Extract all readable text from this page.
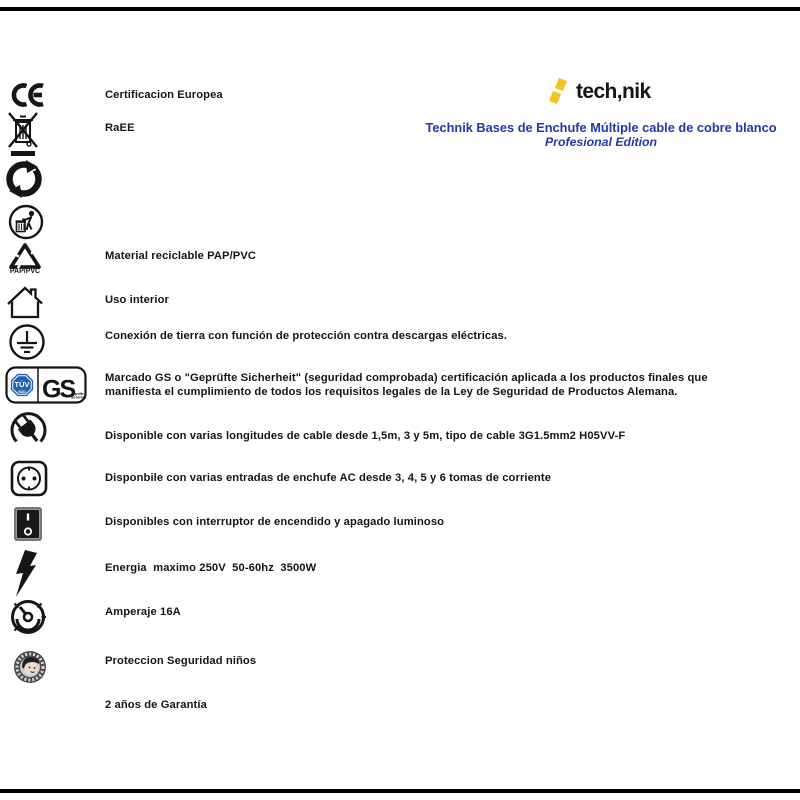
tech,nik
Technik Bases de Enchufe Múltiple cable de cobre blanco
Profesional Edition
PAP/PVC
TÜV
SÜD GS
geprüfte
Sicherheit
Certificacion Europea
RaEE
Material reciclable PAP/PVC
Uso interior
Conexión de tierra con función de protección contra descargas eléctricas.
Marcado GS o "Geprüfte Sicherheit" (seguridad comprobada) certificación aplicada a los productos finales que
manifiesta el cumplimiento de todos los requisitos legales de la Ley de Seguridad de Productos Alemana.
Disponible con varias longitudes de cable desde 1,5m, 3 y 5m, tipo de cable 3G1.5mm2 H05VV-F
Disponbile con varias entradas de enchufe AC desde 3, 4, 5 y 6 tomas de corriente
Disponibles con interruptor de encendido y apagado luminoso
Energia  maximo 250V  50-60hz  3500W
Amperaje 16A
Proteccion Seguridad niños
2 años de Garantía
